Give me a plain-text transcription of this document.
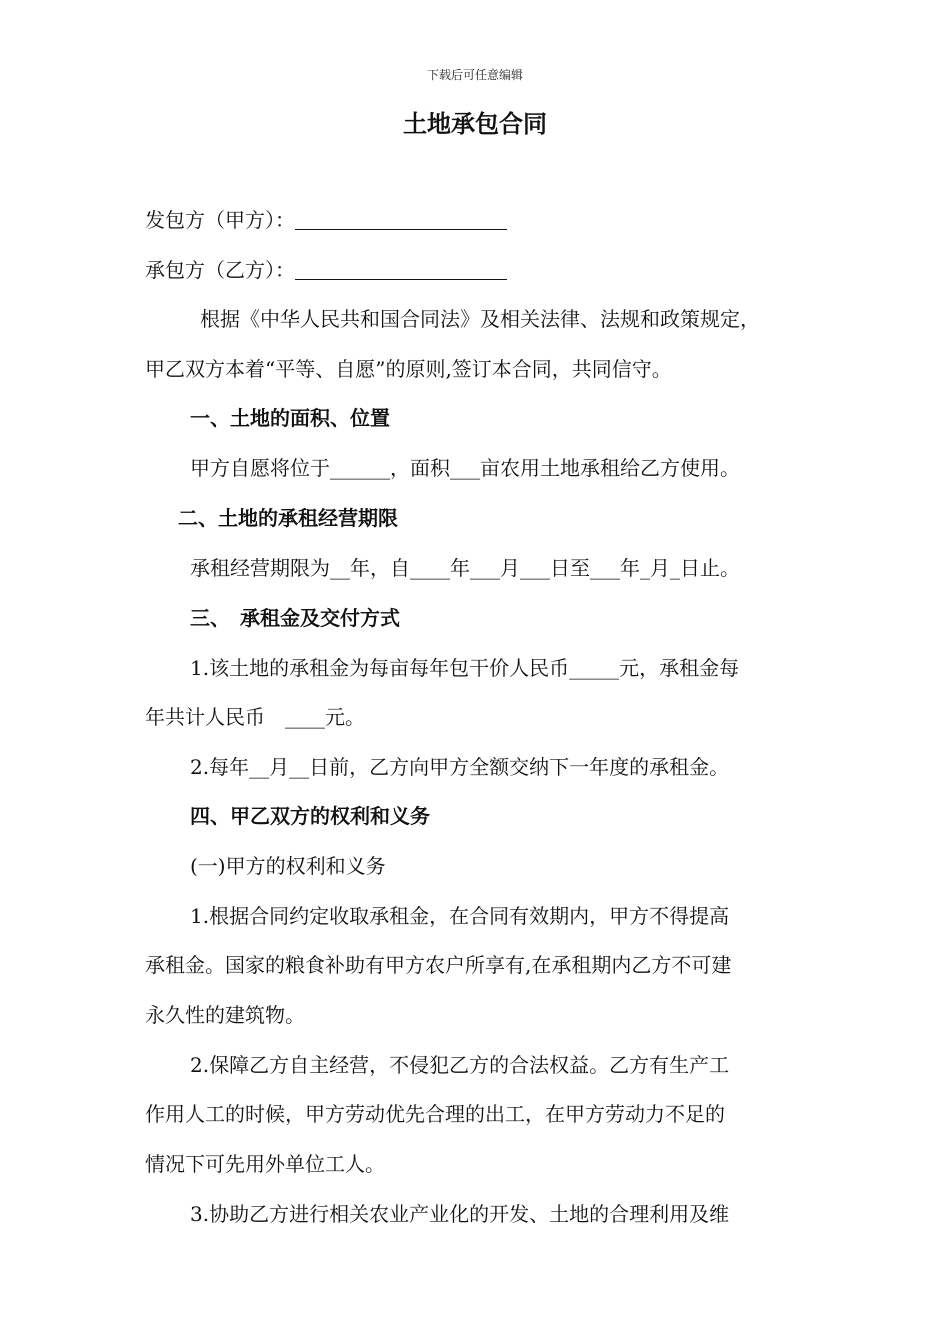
下载后可任意编辑
土地承包合同
发包方（甲方）：
承包方（乙方）：
根据《中华人民共和国合同法》及相关法律、法规和政策规定，
甲乙双方本着“平等、自愿”的原则,签订本合同，共同信守。
一、土地的面积、位置
甲方自愿将位于______，面积___亩农用土地承租给乙方使用。
二、土地的承租经营期限
承租经营期限为__年，自____年___月___日至___年_月_日止。
三、　承租金及交付方式
1.该土地的承租金为每亩每年包干价人民币_____元，承租金每
年共计人民币　____元。
2.每年__月__日前，乙方向甲方全额交纳下一年度的承租金。
四、甲乙双方的权利和义务
(一)甲方的权利和义务
1.根据合同约定收取承租金，在合同有效期内，甲方不得提高
承租金。国家的粮食补助有甲方农户所享有,在承租期内乙方不可建
永久性的建筑物。
2.保障乙方自主经营，不侵犯乙方的合法权益。乙方有生产工
作用人工的时候，甲方劳动优先合理的出工，在甲方劳动力不足的
情况下可先用外单位工人。
3.协助乙方进行相关农业产业化的开发、土地的合理利用及维
